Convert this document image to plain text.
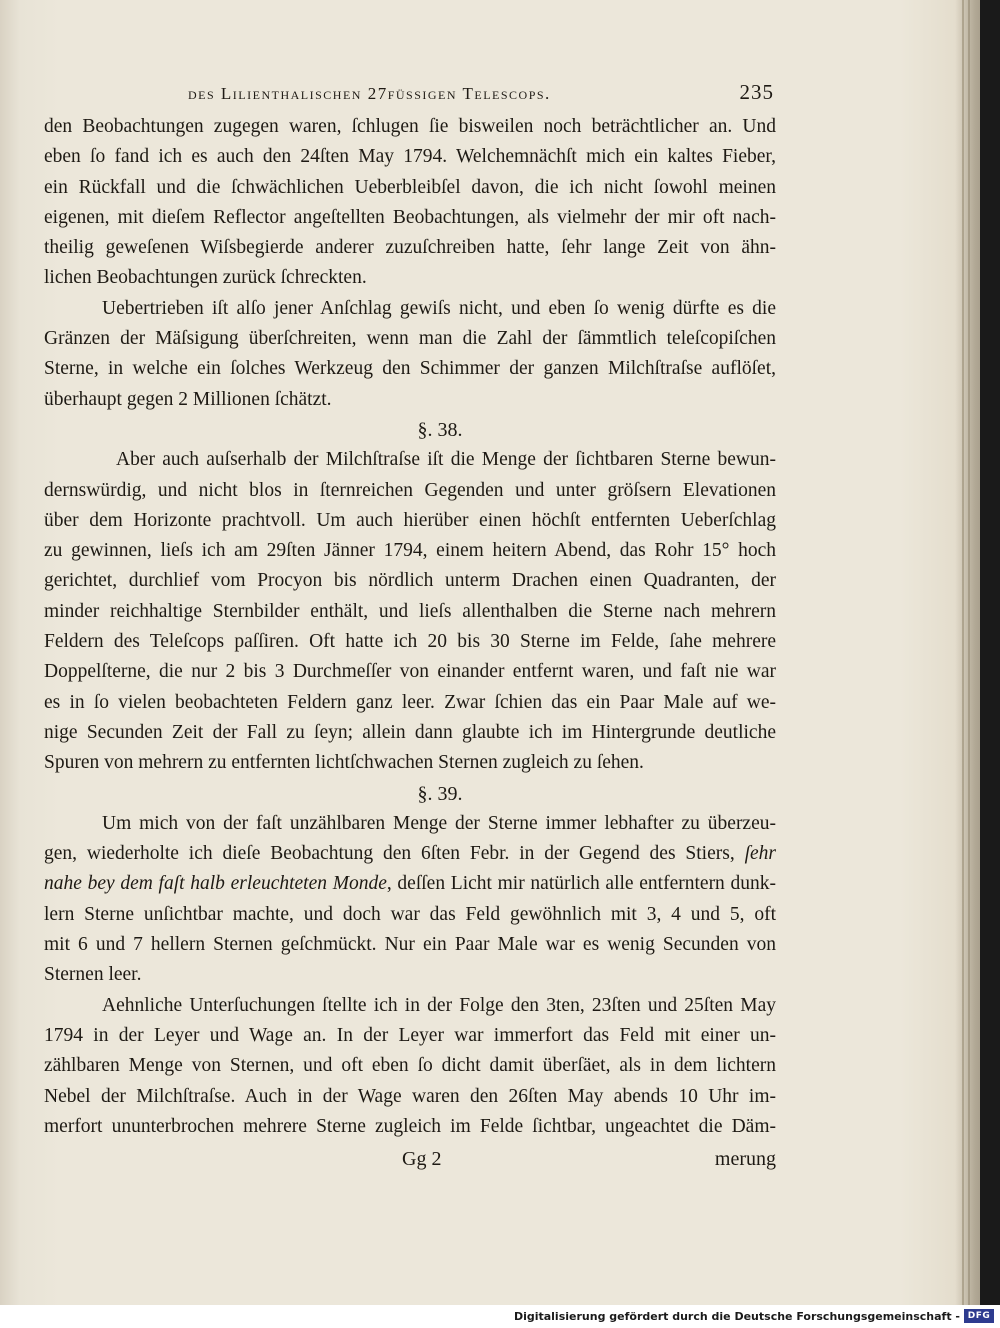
des Lilienthalischen 27füssigen Telescops.	235
den Beobachtungen zugegen waren, ſchlugen ſie bisweilen noch beträchtlicher an. Und
eben ſo fand ich es auch den 24ſten May 1794. Welchemnächſt mich ein kaltes Fieber,
ein Rückfall und die ſchwächlichen Ueberbleibſel davon, die ich nicht ſowohl meinen
eigenen, mit dieſem Reflector angeſtellten Beobachtungen, als vielmehr der mir oft nach-
theilig geweſenen Wiſsbegierde anderer zuzuſchreiben hatte, ſehr lange Zeit von ähn-
lichen Beobachtungen zurück ſchreckten.
Uebertrieben iſt alſo jener Anſchlag gewiſs nicht, und eben ſo wenig dürfte es die
Gränzen der Mäſsigung überſchreiten, wenn man die Zahl der ſämmtlich teleſcopiſchen
Sterne, in welche ein ſolches Werkzeug den Schimmer der ganzen Milchſtraſse auflöſet,
überhaupt gegen 2 Millionen ſchätzt.
§. 38.
Aber auch auſserhalb der Milchſtraſse iſt die Menge der ſichtbaren Sterne bewun-
dernswürdig, und nicht blos in ſternreichen Gegenden und unter gröſsern Elevationen
über dem Horizonte prachtvoll. Um auch hierüber einen höchſt entfernten Ueberſchlag
zu gewinnen, lieſs ich am 29ſten Jänner 1794, einem heitern Abend, das Rohr 15° hoch
gerichtet, durchlief vom Procyon bis nördlich unterm Drachen einen Quadranten, der
minder reichhaltige Sternbilder enthält, und lieſs allenthalben die Sterne nach mehrern
Feldern des Teleſcops paſſiren. Oft hatte ich 20 bis 30 Sterne im Felde, ſahe mehrere
Doppelſterne, die nur 2 bis 3 Durchmeſſer von einander entfernt waren, und faſt nie war
es in ſo vielen beobachteten Feldern ganz leer. Zwar ſchien das ein Paar Male auf we-
nige Secunden Zeit der Fall zu ſeyn; allein dann glaubte ich im Hintergrunde deutliche
Spuren von mehrern zu entfernten lichtſchwachen Sternen zugleich zu ſehen.
§. 39.
Um mich von der faſt unzählbaren Menge der Sterne immer lebhafter zu überzeu-
gen, wiederholte ich dieſe Beobachtung den 6ſten Febr. in der Gegend des Stiers, ſehr
nahe bey dem faſt halb erleuchteten Monde, deſſen Licht mir natürlich alle entferntern dunk-
lern Sterne unſichtbar machte, und doch war das Feld gewöhnlich mit 3, 4 und 5, oft
mit 6 und 7 hellern Sternen geſchmückt. Nur ein Paar Male war es wenig Secunden von
Sternen leer.
Aehnliche Unterſuchungen ſtellte ich in der Folge den 3ten, 23ſten und 25ſten May
1794 in der Leyer und Wage an. In der Leyer war immerfort das Feld mit einer un-
zählbaren Menge von Sternen, und oft eben ſo dicht damit überſäet, als in dem lichtern
Nebel der Milchſtraſse. Auch in der Wage waren den 26ſten May abends 10 Uhr im-
merfort ununterbrochen mehrere Sterne zugleich im Felde ſichtbar, ungeachtet die Däm-
Gg 2	merung
Digitalisierung gefördert durch die Deutsche Forschungsgemeinschaft - DFG
